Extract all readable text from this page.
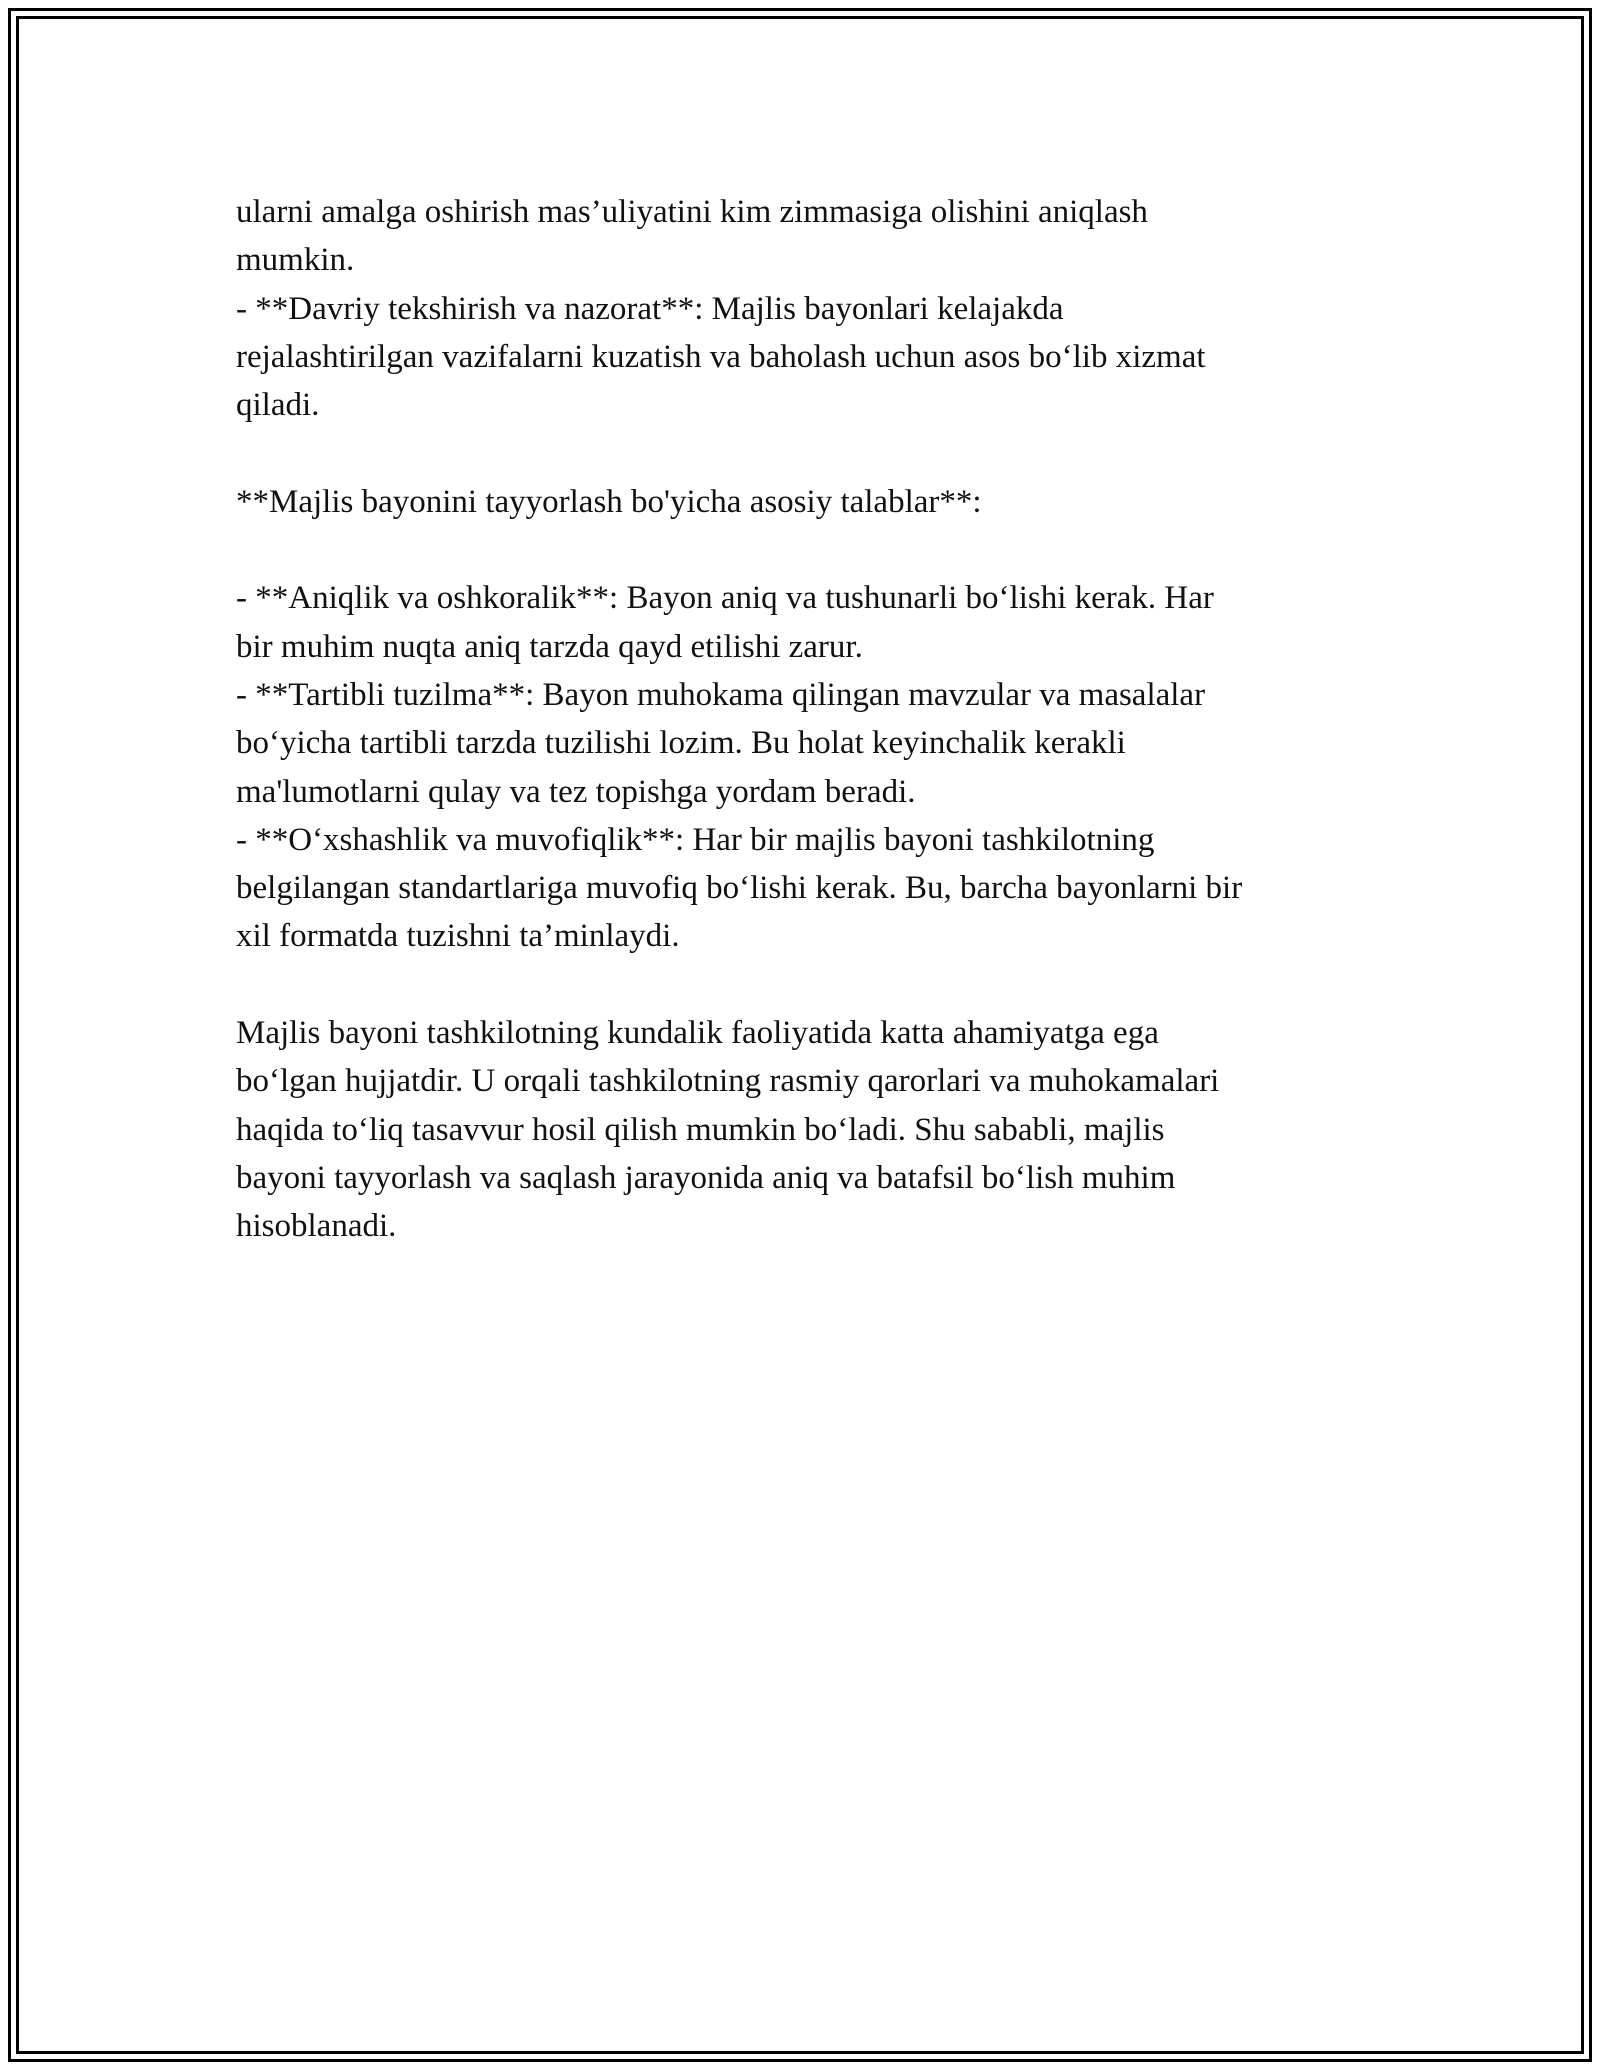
ularni amalga oshirish mas’uliyatini kim zimmasiga olishini aniqlash
mumkin.
- **Davriy tekshirish va nazorat**: Majlis bayonlari kelajakda
rejalashtirilgan vazifalarni kuzatish va baholash uchun asos bo‘lib xizmat
qiladi.
**Majlis bayonini tayyorlash bo'yicha asosiy talablar**:
- **Aniqlik va oshkoralik**: Bayon aniq va tushunarli bo‘lishi kerak. Har
bir muhim nuqta aniq tarzda qayd etilishi zarur.
- **Tartibli tuzilma**: Bayon muhokama qilingan mavzular va masalalar
bo‘yicha tartibli tarzda tuzilishi lozim. Bu holat keyinchalik kerakli
ma'lumotlarni qulay va tez topishga yordam beradi.
- **O‘xshashlik va muvofiqlik**: Har bir majlis bayoni tashkilotning
belgilangan standartlariga muvofiq bo‘lishi kerak. Bu, barcha bayonlarni bir
xil formatda tuzishni ta’minlaydi.
Majlis bayoni tashkilotning kundalik faoliyatida katta ahamiyatga ega
bo‘lgan hujjatdir. U orqali tashkilotning rasmiy qarorlari va muhokamalari
haqida to‘liq tasavvur hosil qilish mumkin bo‘ladi. Shu sababli, majlis
bayoni tayyorlash va saqlash jarayonida aniq va batafsil bo‘lish muhim
hisoblanadi.
